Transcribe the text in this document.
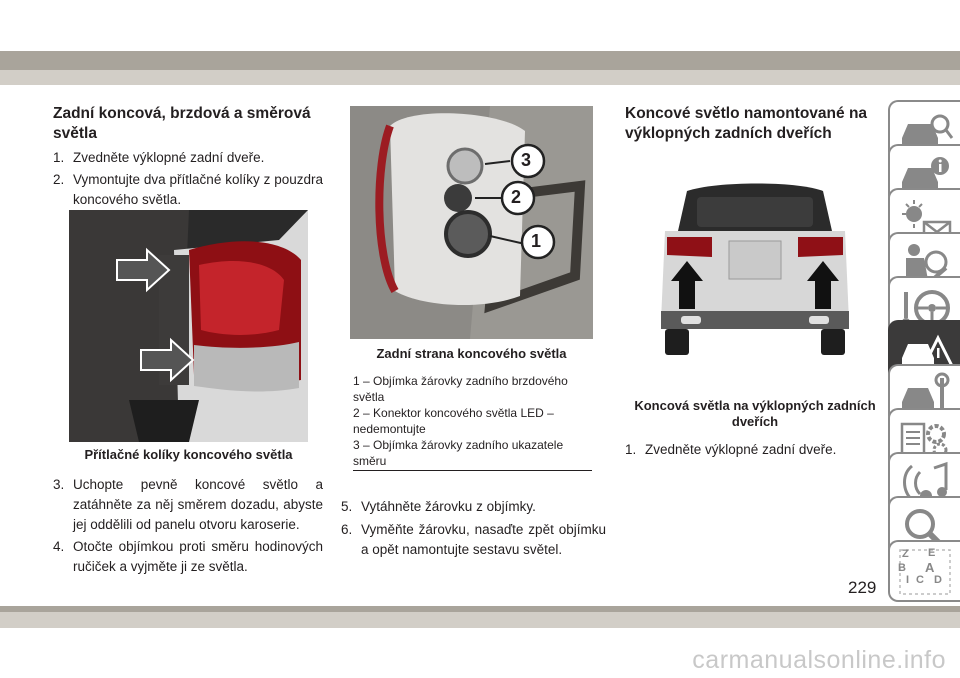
Zadní koncová, brzdová a směrová světla
1. Zvedněte výklopné zadní dveře.
2. Vymontujte dva přítlačné kolíky z pouzdra koncového světla.
Přítlačné kolíky koncového světla
3. Uchopte pevně koncové světlo a zatáhněte za něj směrem dozadu, abyste jej oddělili od panelu otvoru karoserie.
4. Otočte objímkou proti směru hodinových ručiček a vyjměte ji ze světla.
3
2
1
Zadní strana koncového světla
1 – Objímka žárovky zadního brzdového světla
2 – Konektor koncového světla LED – nedemontujte
3 – Objímka žárovky zadního ukazatele směru
5. Vytáhněte žárovku z objímky.
6. Vyměňte žárovku, nasaďte zpět objímku a opět namontujte sestavu světel.
Koncové světlo namontované na výklopných zadních dveřích
Koncová světla na výklopných zadních dveřích
1. Zvedněte výklopné zadní dveře.
Z E
B A
I C D
229
carmanualsonline.info
